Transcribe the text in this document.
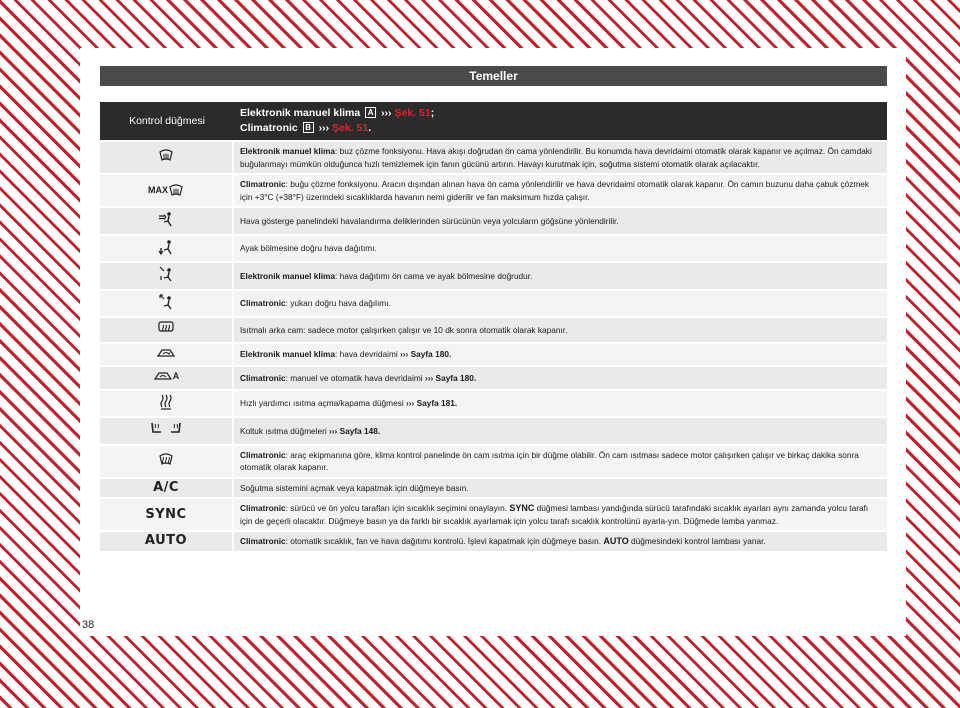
Temeller
Kontrol düğmesi	Elektronik manuel klima A ››› Şek. 51;
Climatronic B ››› Şek. 51.

	Elektronik manuel klima: buz çözme fonksiyonu. Hava akışı doğrudan ön cama yönlendirilir. Bu konumda hava devridaimi otomatik olarak kapanır ve açılmaz. Ön camdaki buğulanmayı mümkün olduğunca hızlı temizlemek için fanın gücünü artırın. Havayı kurutmak için, soğutma sistemi otomatik olarak açılacaktır.

MAX	Climatronic: buğu çözme fonksiyonu. Aracın dışından alınan hava ön cama yönlendirilir ve hava devridaimi otomatik olarak kapanır. Ön camın buzunu daha çabuk çözmek için +3°C (+38°F) üzerindeki sıcaklıklarda havanın nemi giderilir ve fan maksimum hızda çalışır.

	Hava gösterge panelindeki havalandırma deliklerinden sürücünün veya yolcuların göğsüne yönlendirilir.

	Ayak bölmesine doğru hava dağıtımı.

	Elektronik manuel klima: hava dağıtımı ön cama ve ayak bölmesine doğrudur.

	Climatronic: yukarı doğru hava dağılımı.

	Isıtmalı arka cam: sadece motor çalışırken çalışır ve 10 dk sonra otomatik olarak kapanır.

	Elektronik manuel klima: hava devridaimi ››› Sayfa 180.

A	Climatronic: manuel ve otomatik hava devridaimi ››› Sayfa 180.

	Hızlı yardımcı ısıtma açma/kapama düğmesi ››› Sayfa 181.

	Koltuk ısıtma düğmeleri ››› Sayfa 148.

	Climatronic: araç ekipmanına göre, klima kontrol panelinde ön cam ısıtma için bir düğme olabilir. Ön cam ısıtması sadece motor çalışırken çalışır ve birkaç dakika sonra otomatik olarak kapanır.
A/C	Soğutma sistemini açmak veya kapatmak için düğmeye basın.
SYNC	Climatronic: sürücü ve ön yolcu tarafları için sıcaklık seçimini onaylayın. SYNC düğmesi lambası yandığında sürücü tarafındaki sıcaklık ayarları aynı zamanda yolcu tarafı için de geçerli olacaktır. Düğmeye basın ya da farklı bir sıcaklık ayarlamak için yolcu tarafı sıcaklık kontrolünü ayarla-yın. Düğmede lamba yanmaz.
AUTO	Climatronic: otomatik sıcaklık, fan ve hava dağıtımı kontrolü. İşlevi kapatmak için düğmeye basın. AUTO düğmesindeki kontrol lambası yanar.
38
